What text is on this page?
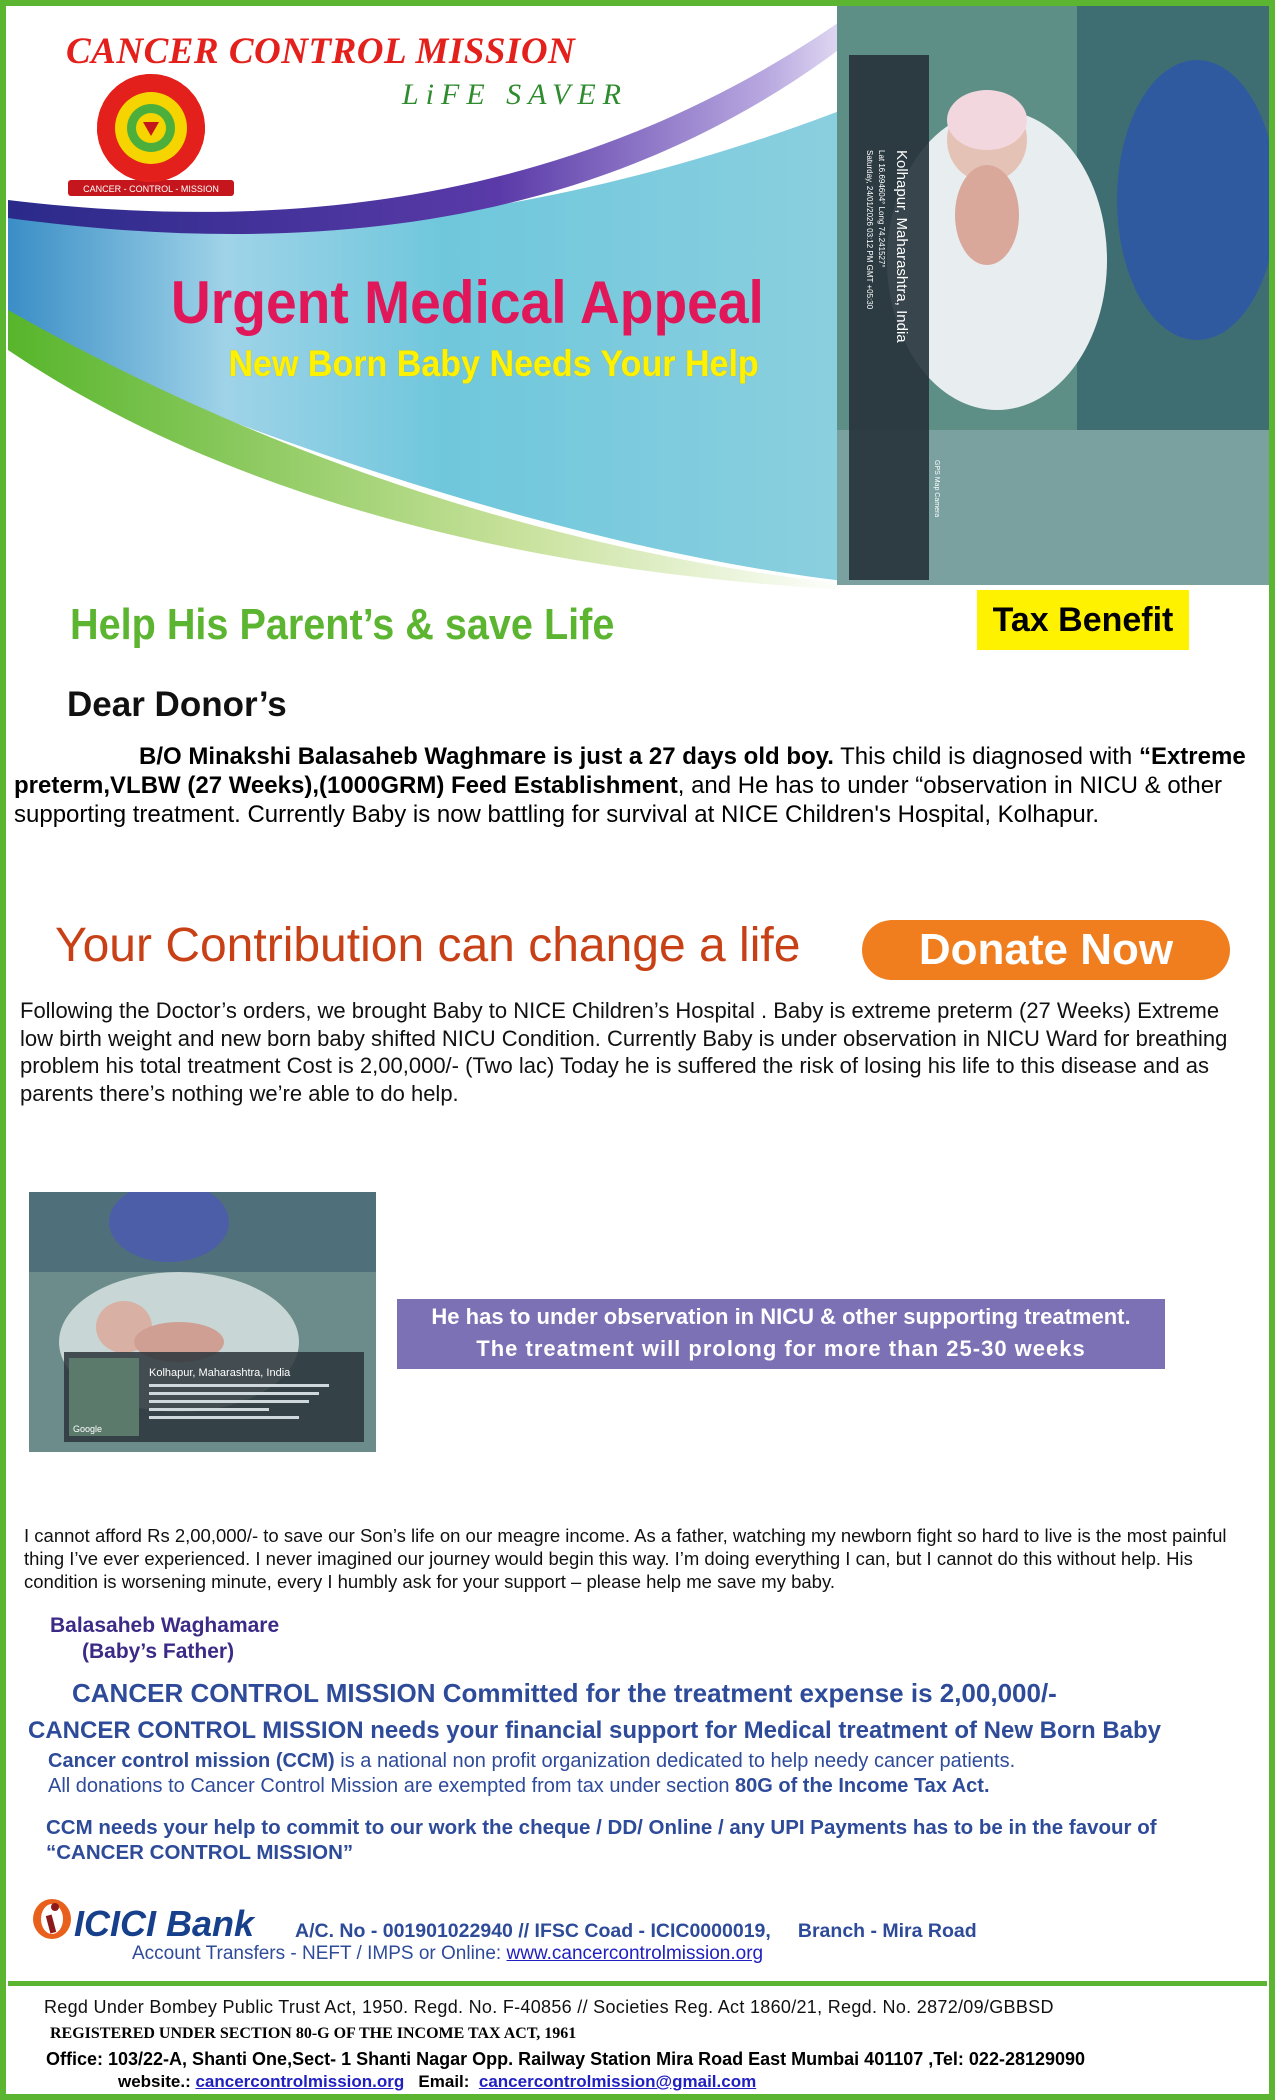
CANCER CONTROL MISSION
LiFE SAVER
CANCER - CONTROL - MISSION
Urgent Medical Appeal
New Born Baby Needs Your Help
Kolhapur, Maharashtra, India
Lat 16.694604° Long 74.241527°
Saturday, 24/01/2026 03:12 PM GMT +05:30
GPS Map Camera
Help His Parent’s & save Life	Tax Benefit
Dear Donor’s
B/O Minakshi Balasaheb Waghmare is just a 27 days old boy. This child is diagnosed with “Extreme preterm,VLBW (27 Weeks),(1000GRM) Feed Establishment, and He has to under “observation in NICU & other supporting treatment. Currently Baby is now battling for survival at NICE Children's Hospital, Kolhapur.
Your Contribution can change a life	Donate Now
Following the Doctor’s orders, we brought Baby to NICE Children’s Hospital . Baby is extreme preterm (27 Weeks) Extreme low birth weight and new born baby shifted NICU Condition. Currently Baby is under observation in NICU Ward for breathing problem his total treatment Cost is 2,00,000/- (Two lac) Today he is suffered the risk of losing his life to this disease and as parents there’s nothing we’re able to do help.
Kolhapur, Maharashtra, India
Google
He has to under observation in NICU & other supporting treatment.
The treatment will prolong for more than 25-30 weeks
I cannot afford Rs 2,00,000/- to save our Son’s life on our meagre income. As a father, watching my newborn fight so hard to live is the most painful thing I’ve ever experienced. I never imagined our journey would begin this way. I’m doing everything I can, but I cannot do this without help. His condition is worsening minute, every I humbly ask for your support – please help me save my baby.
Balasaheb Waghamare
(Baby’s Father)
CANCER CONTROL MISSION Committed for the treatment expense is 2,00,000/-
CANCER CONTROL MISSION needs your financial support for Medical treatment of New Born Baby
Cancer control mission (CCM) is a national non profit organization dedicated to help needy cancer patients.
All donations to Cancer Control Mission are exempted from tax under section 80G of the Income Tax Act.
CCM needs your help to commit to our work the cheque / DD/ Online / any UPI Payments has to be in the favour of “CANCER CONTROL MISSION”
ICICI Bank A/C. No - 001901022940 // IFSC Coad - ICIC0000019,     Branch - Mira Road
Account Transfers - NEFT / IMPS or Online: www.cancercontrolmission.org
Regd Under Bombey Public Trust Act, 1950. Regd. No. F-40856 // Societies Reg. Act 1860/21, Regd. No. 2872/09/GBBSD
REGISTERED UNDER SECTION 80-G OF THE INCOME TAX ACT, 1961
Office: 103/22-A, Shanti One,Sect- 1 Shanti Nagar Opp. Railway Station Mira Road East Mumbai 401107 ,Tel: 022-28129090
website.: cancercontrolmission.org   Email:  cancercontrolmission@gmail.com
